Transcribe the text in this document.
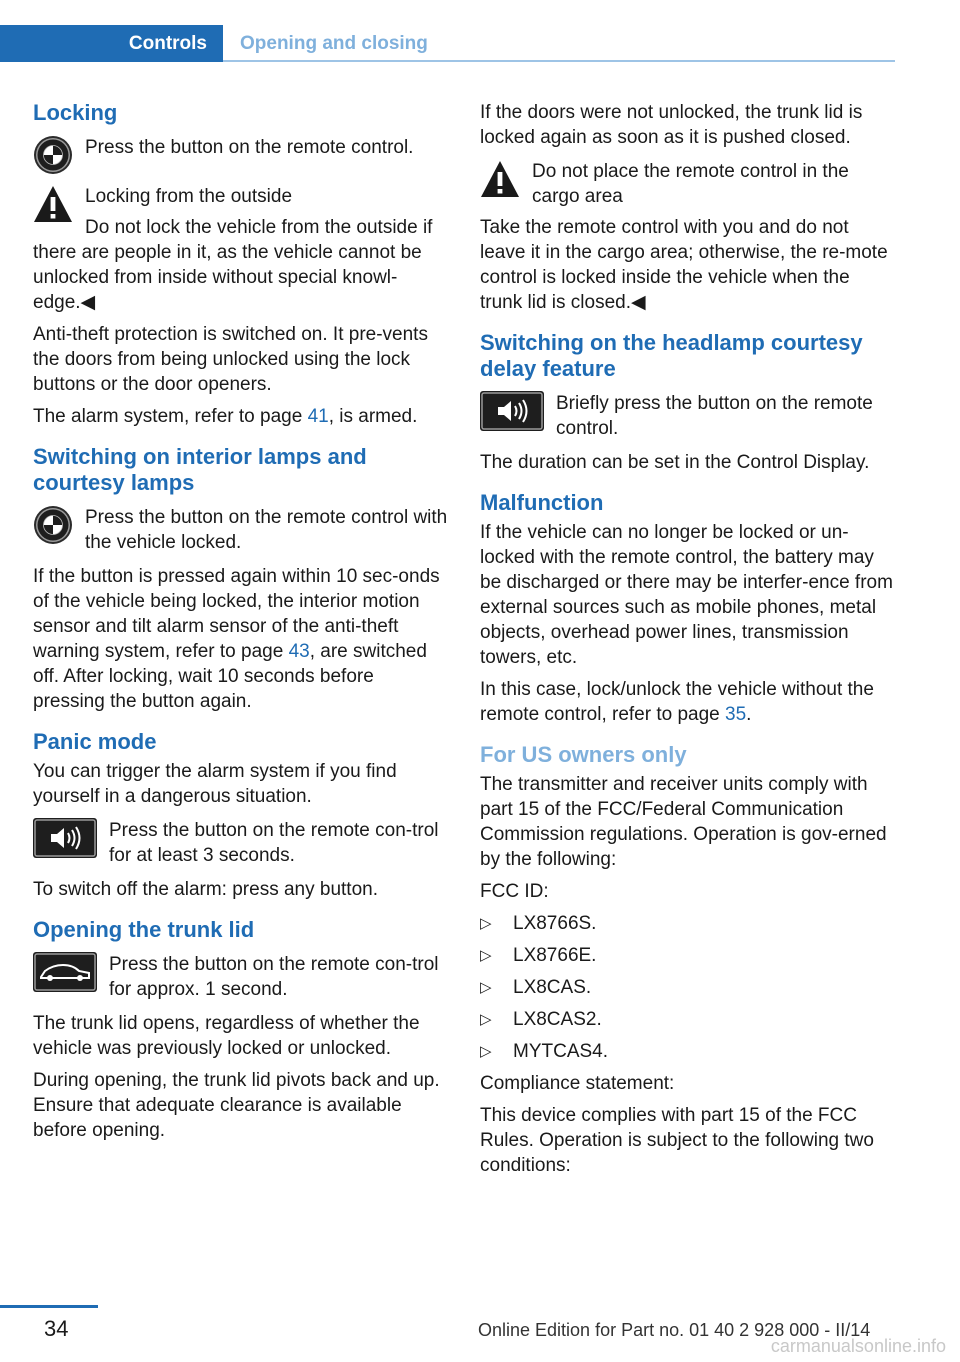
Controls	Opening and closing
Locking

Press the button on the remote control.

Locking from the outside

Do not lock the vehicle from the outside if there are people in it, as the vehicle cannot be unlocked from inside without special knowl‐edge.◀

Anti-theft protection is switched on. It pre‐vents the doors from being unlocked using the lock buttons or the door openers.

The alarm system, refer to page 41, is armed.

Switching on interior lamps and courtesy lamps

Press the button on the remote control with the vehicle locked.

If the button is pressed again within 10 sec‐onds of the vehicle being locked, the interior motion sensor and tilt alarm sensor of the anti-theft warning system, refer to page 43, are switched off. After locking, wait 10 seconds before pressing the button again.

Panic mode

You can trigger the alarm system if you find yourself in a dangerous situation.

Press the button on the remote con‐trol for at least 3 seconds.

To switch off the alarm: press any button.

Opening the trunk lid

Press the button on the remote con‐trol for approx. 1 second.

The trunk lid opens, regardless of whether the vehicle was previously locked or unlocked.

During opening, the trunk lid pivots back and up. Ensure that adequate clearance is available before opening.

If the doors were not unlocked, the trunk lid is locked again as soon as it is pushed closed.

Do not place the remote control in the cargo area

Take the remote control with you and do not leave it in the cargo area; otherwise, the re‐mote control is locked inside the vehicle when the trunk lid is closed.◀

Switching on the headlamp courtesy delay feature

Briefly press the button on the remote control.

The duration can be set in the Control Display.

Malfunction

If the vehicle can no longer be locked or un‐locked with the remote control, the battery may be discharged or there may be interfer‐ence from external sources such as mobile phones, metal objects, overhead power lines, transmission towers, etc.

In this case, lock/unlock the vehicle without the remote control, refer to page 35.

For US owners only

The transmitter and receiver units comply with part 15 of the FCC/Federal Communication Commission regulations. Operation is gov‐erned by the following:

FCC ID:

▷	LX8766S.
▷	LX8766E.
▷	LX8CAS.
▷	LX8CAS2.
▷	MYTCAS4.

Compliance statement:

This device complies with part 15 of the FCC Rules. Operation is subject to the following two conditions:

34	Online Edition for Part no. 01 40 2 928 000 - II/14
carmanualsonline.info
